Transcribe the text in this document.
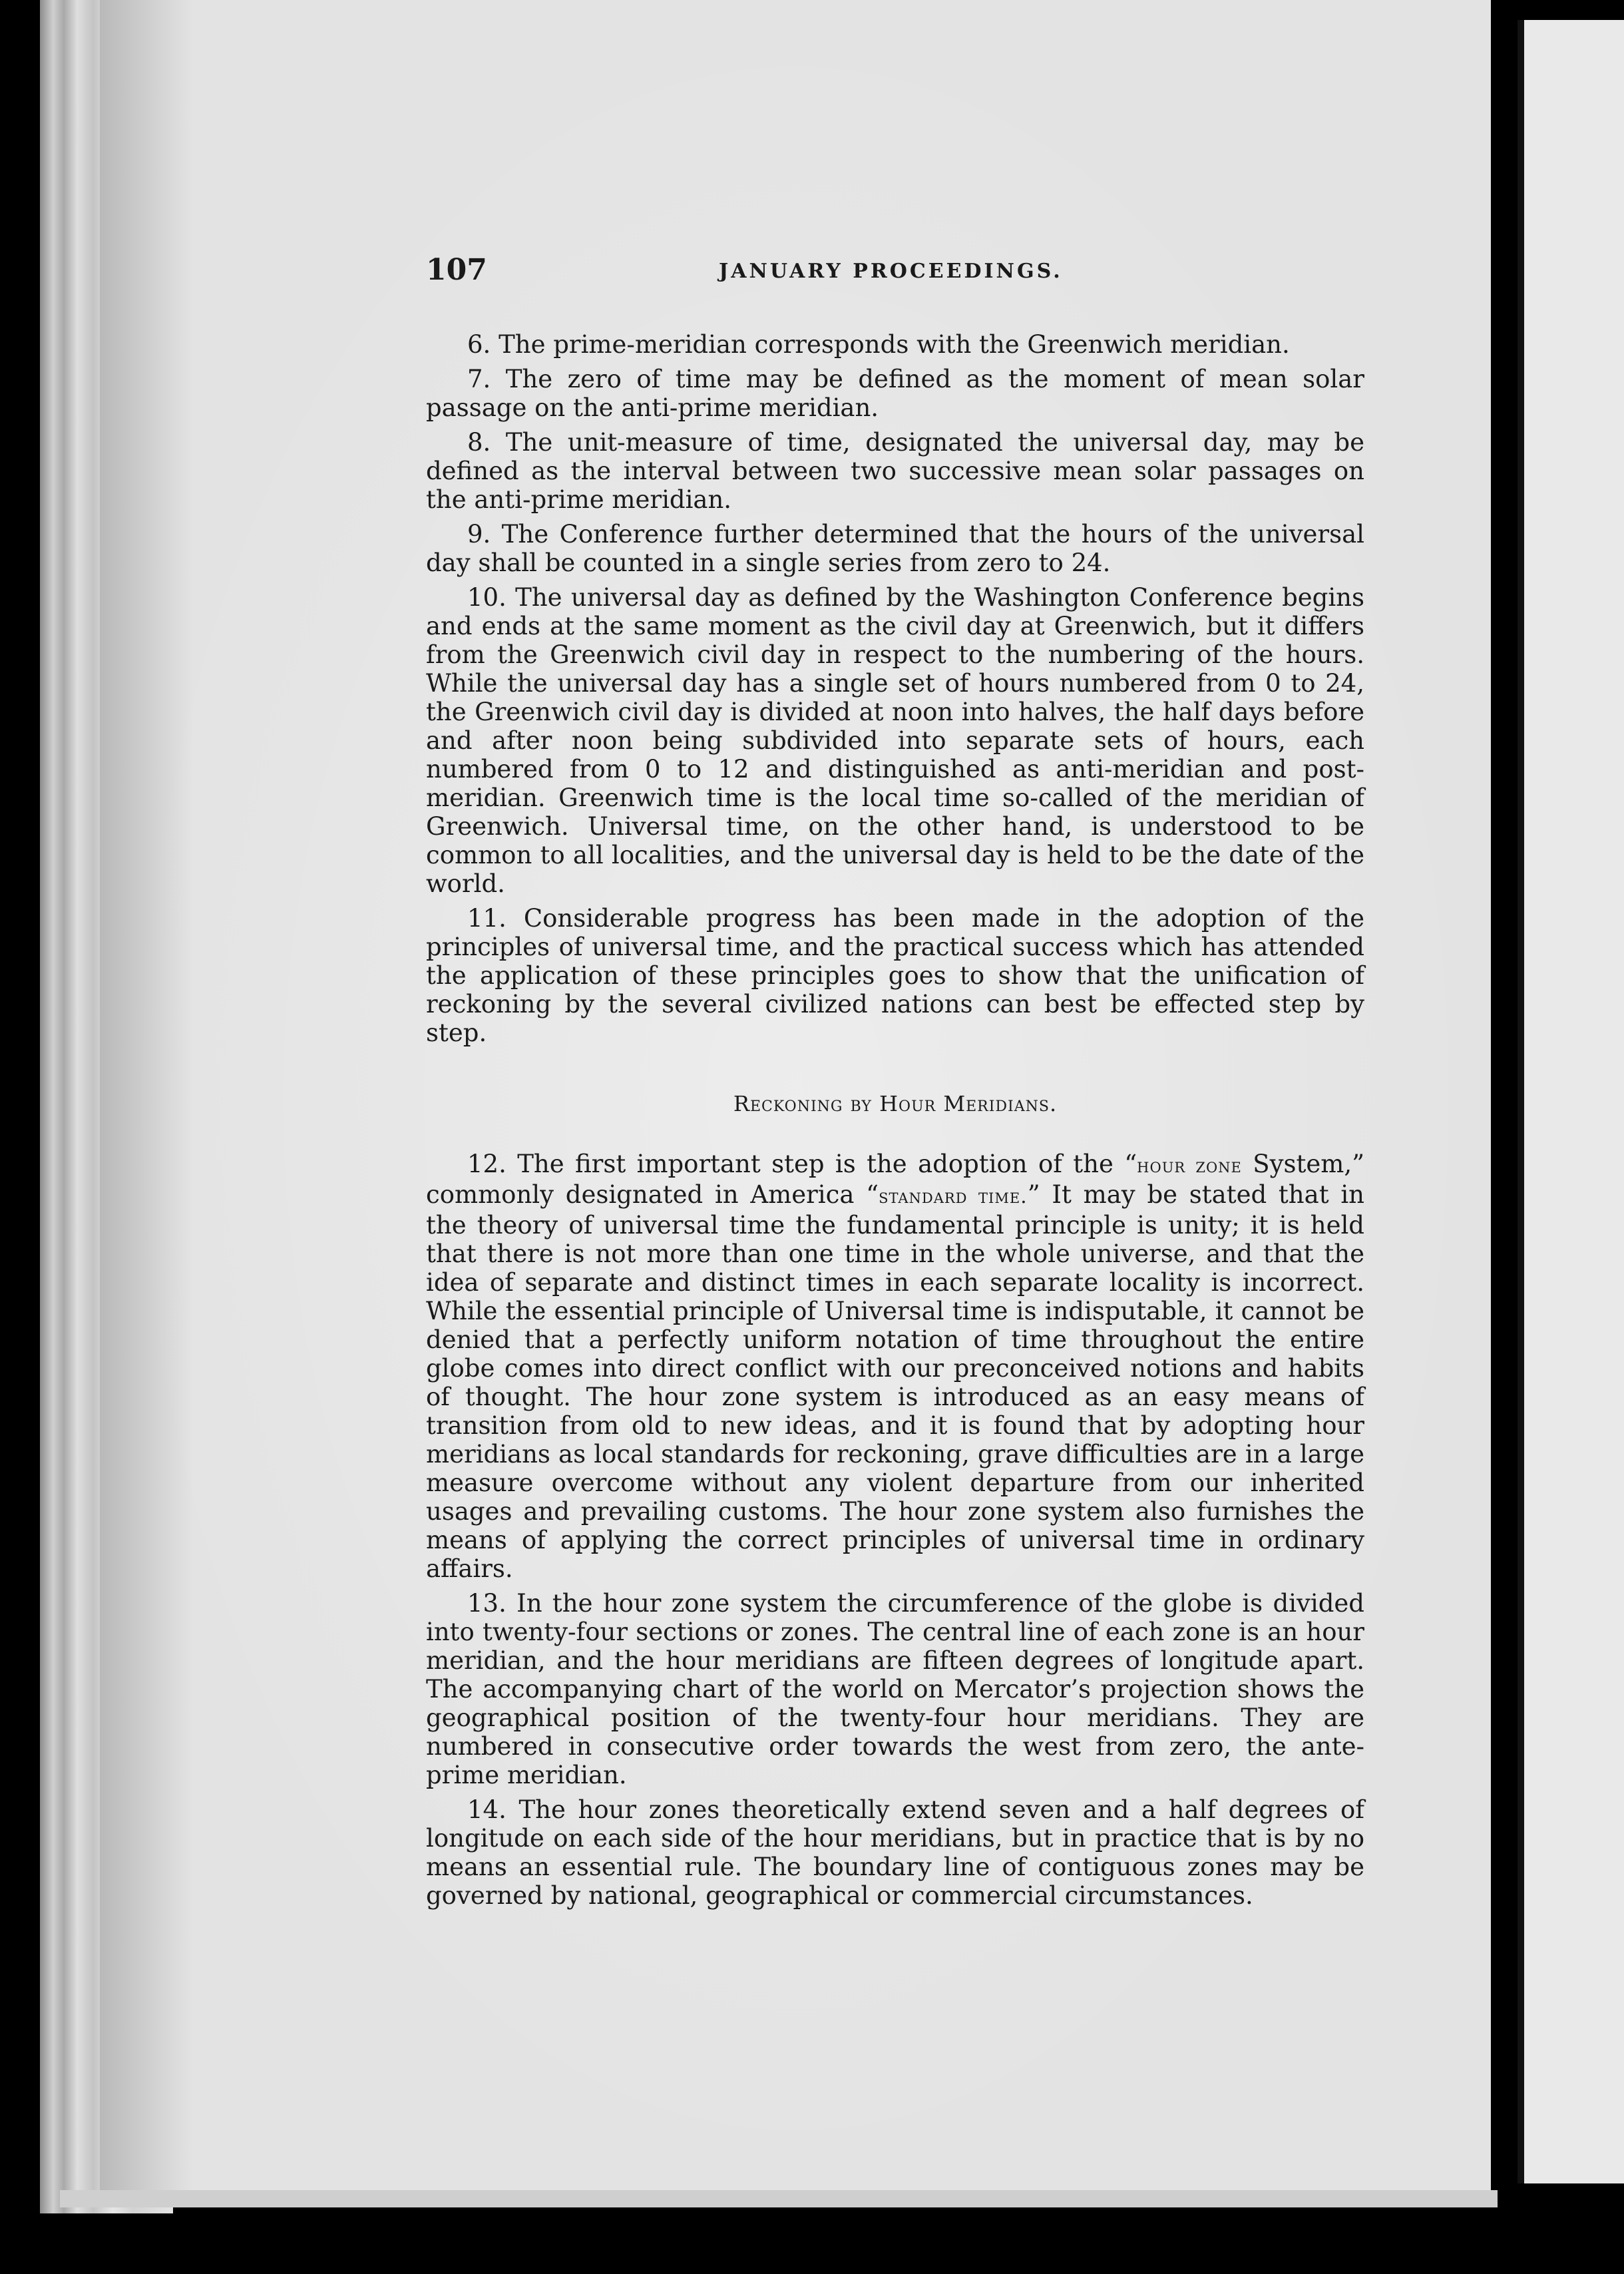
107	JANUARY PROCEEDINGS.

6. The prime-meridian corresponds with the Greenwich meridian.

7. The zero of time may be defined as the moment of mean solar passage on the anti-prime meridian.

8. The unit-measure of time, designated the universal day, may be defined as the interval between two successive mean solar passages on the anti-prime meridian.

9. The Conference further determined that the hours of the universal day shall be counted in a single series from zero to 24.

10. The universal day as defined by the Washington Conference begins and ends at the same moment as the civil day at Greenwich, but it differs from the Greenwich civil day in respect to the numbering of the hours. While the universal day has a single set of hours numbered from 0 to 24, the Greenwich civil day is divided at noon into halves, the half days before and after noon being subdivided into separate sets of hours, each numbered from 0 to 12 and distinguished as anti-meridian and post-meridian. Greenwich time is the local time so-called of the meridian of Greenwich. Universal time, on the other hand, is understood to be common to all localities, and the universal day is held to be the date of the world.

11. Considerable progress has been made in the adoption of the principles of universal time, and the practical success which has attended the application of these principles goes to show that the unification of reckoning by the several civilized nations can best be effected step by step.

Reckoning by Hour Meridians.

12. The first important step is the adoption of the “hour zone System,” commonly designated in America “standard time.” It may be stated that in the theory of universal time the fundamental principle is unity; it is held that there is not more than one time in the whole universe, and that the idea of separate and distinct times in each separate locality is incorrect. While the essential principle of Universal time is indisputable, it cannot be denied that a perfectly uniform notation of time throughout the entire globe comes into direct conflict with our preconceived notions and habits of thought. The hour zone system is introduced as an easy means of transition from old to new ideas, and it is found that by adopting hour meridians as local standards for reckoning, grave difficulties are in a large measure overcome without any violent departure from our inherited usages and prevailing customs. The hour zone system also furnishes the means of applying the correct principles of universal time in ordinary affairs.

13. In the hour zone system the circumference of the globe is divided into twenty-four sections or zones. The central line of each zone is an hour meridian, and the hour meridians are fifteen degrees of longitude apart. The accompanying chart of the world on Mercator’s projection shows the geographical position of the twenty-four hour meridians. They are numbered in consecutive order towards the west from zero, the ante-prime meridian.

14. The hour zones theoretically extend seven and a half degrees of longitude on each side of the hour meridians, but in practice that is by no means an essential rule. The boundary line of contiguous zones may be governed by national, geographical or commercial circumstances.
